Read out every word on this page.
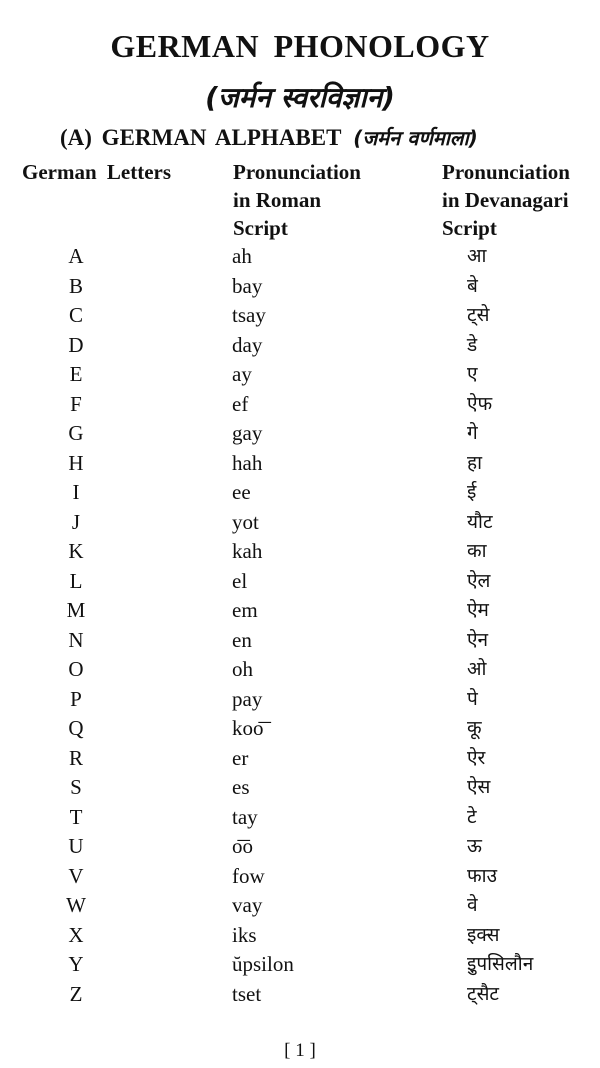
GERMAN PHONOLOGY
(जर्मन स्वरविज्ञान)
(A) GERMAN ALPHABET (जर्मन वर्णमाला)
German Letters	Pronunciation
in Roman
Script
Pronunciation
in Devanagari
Script
A	ah	आ
B	bay	बे
C	tsay	ट्से
D	day	डे
E	ay	ए
F	ef	ऐफ
G	gay	गे
H	hah	हा
I	ee	ई
J	yot	यौट
K	kah	का
L	el	ऐल
M	em	ऐम
N	en	ऐन
O	oh	ओ
P	pay	पे
Q	koo͞	कू
R	er	ऐर
S	es	ऐस
T	tay	टे
U	o͞o	ऊ
V	fow	फाउ
W	vay	वे
X	iks	इक्स
Y	ŭpsilon	इुपसिलौन
Z	tset	ट्सैट
[ 1 ]
